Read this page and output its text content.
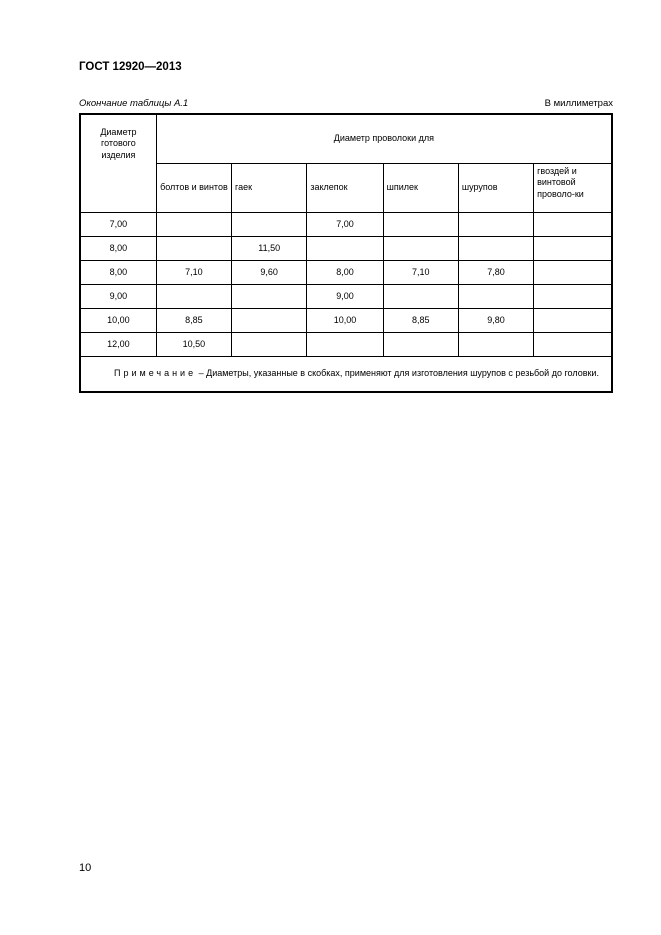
ГОСТ 12920—2013
Окончание таблицы А.1	В миллиметрах
Диаметр готового изделия	Диаметр проволоки для					
	болтов и винтов	гаек	заклепок	шпилек	шурупов	гвоздей и винтовой проволо-ки
7,00			7,00			
8,00		11,50				
8,00	7,10	9,60	8,00	7,10	7,80	
9,00			9,00			
10,00	8,85		10,00	8,85	9,80	
12,00	10,50					
Примечание – Диаметры, указанные в скобках, применяют для изготовления шурупов с резьбой до головки.						
10
